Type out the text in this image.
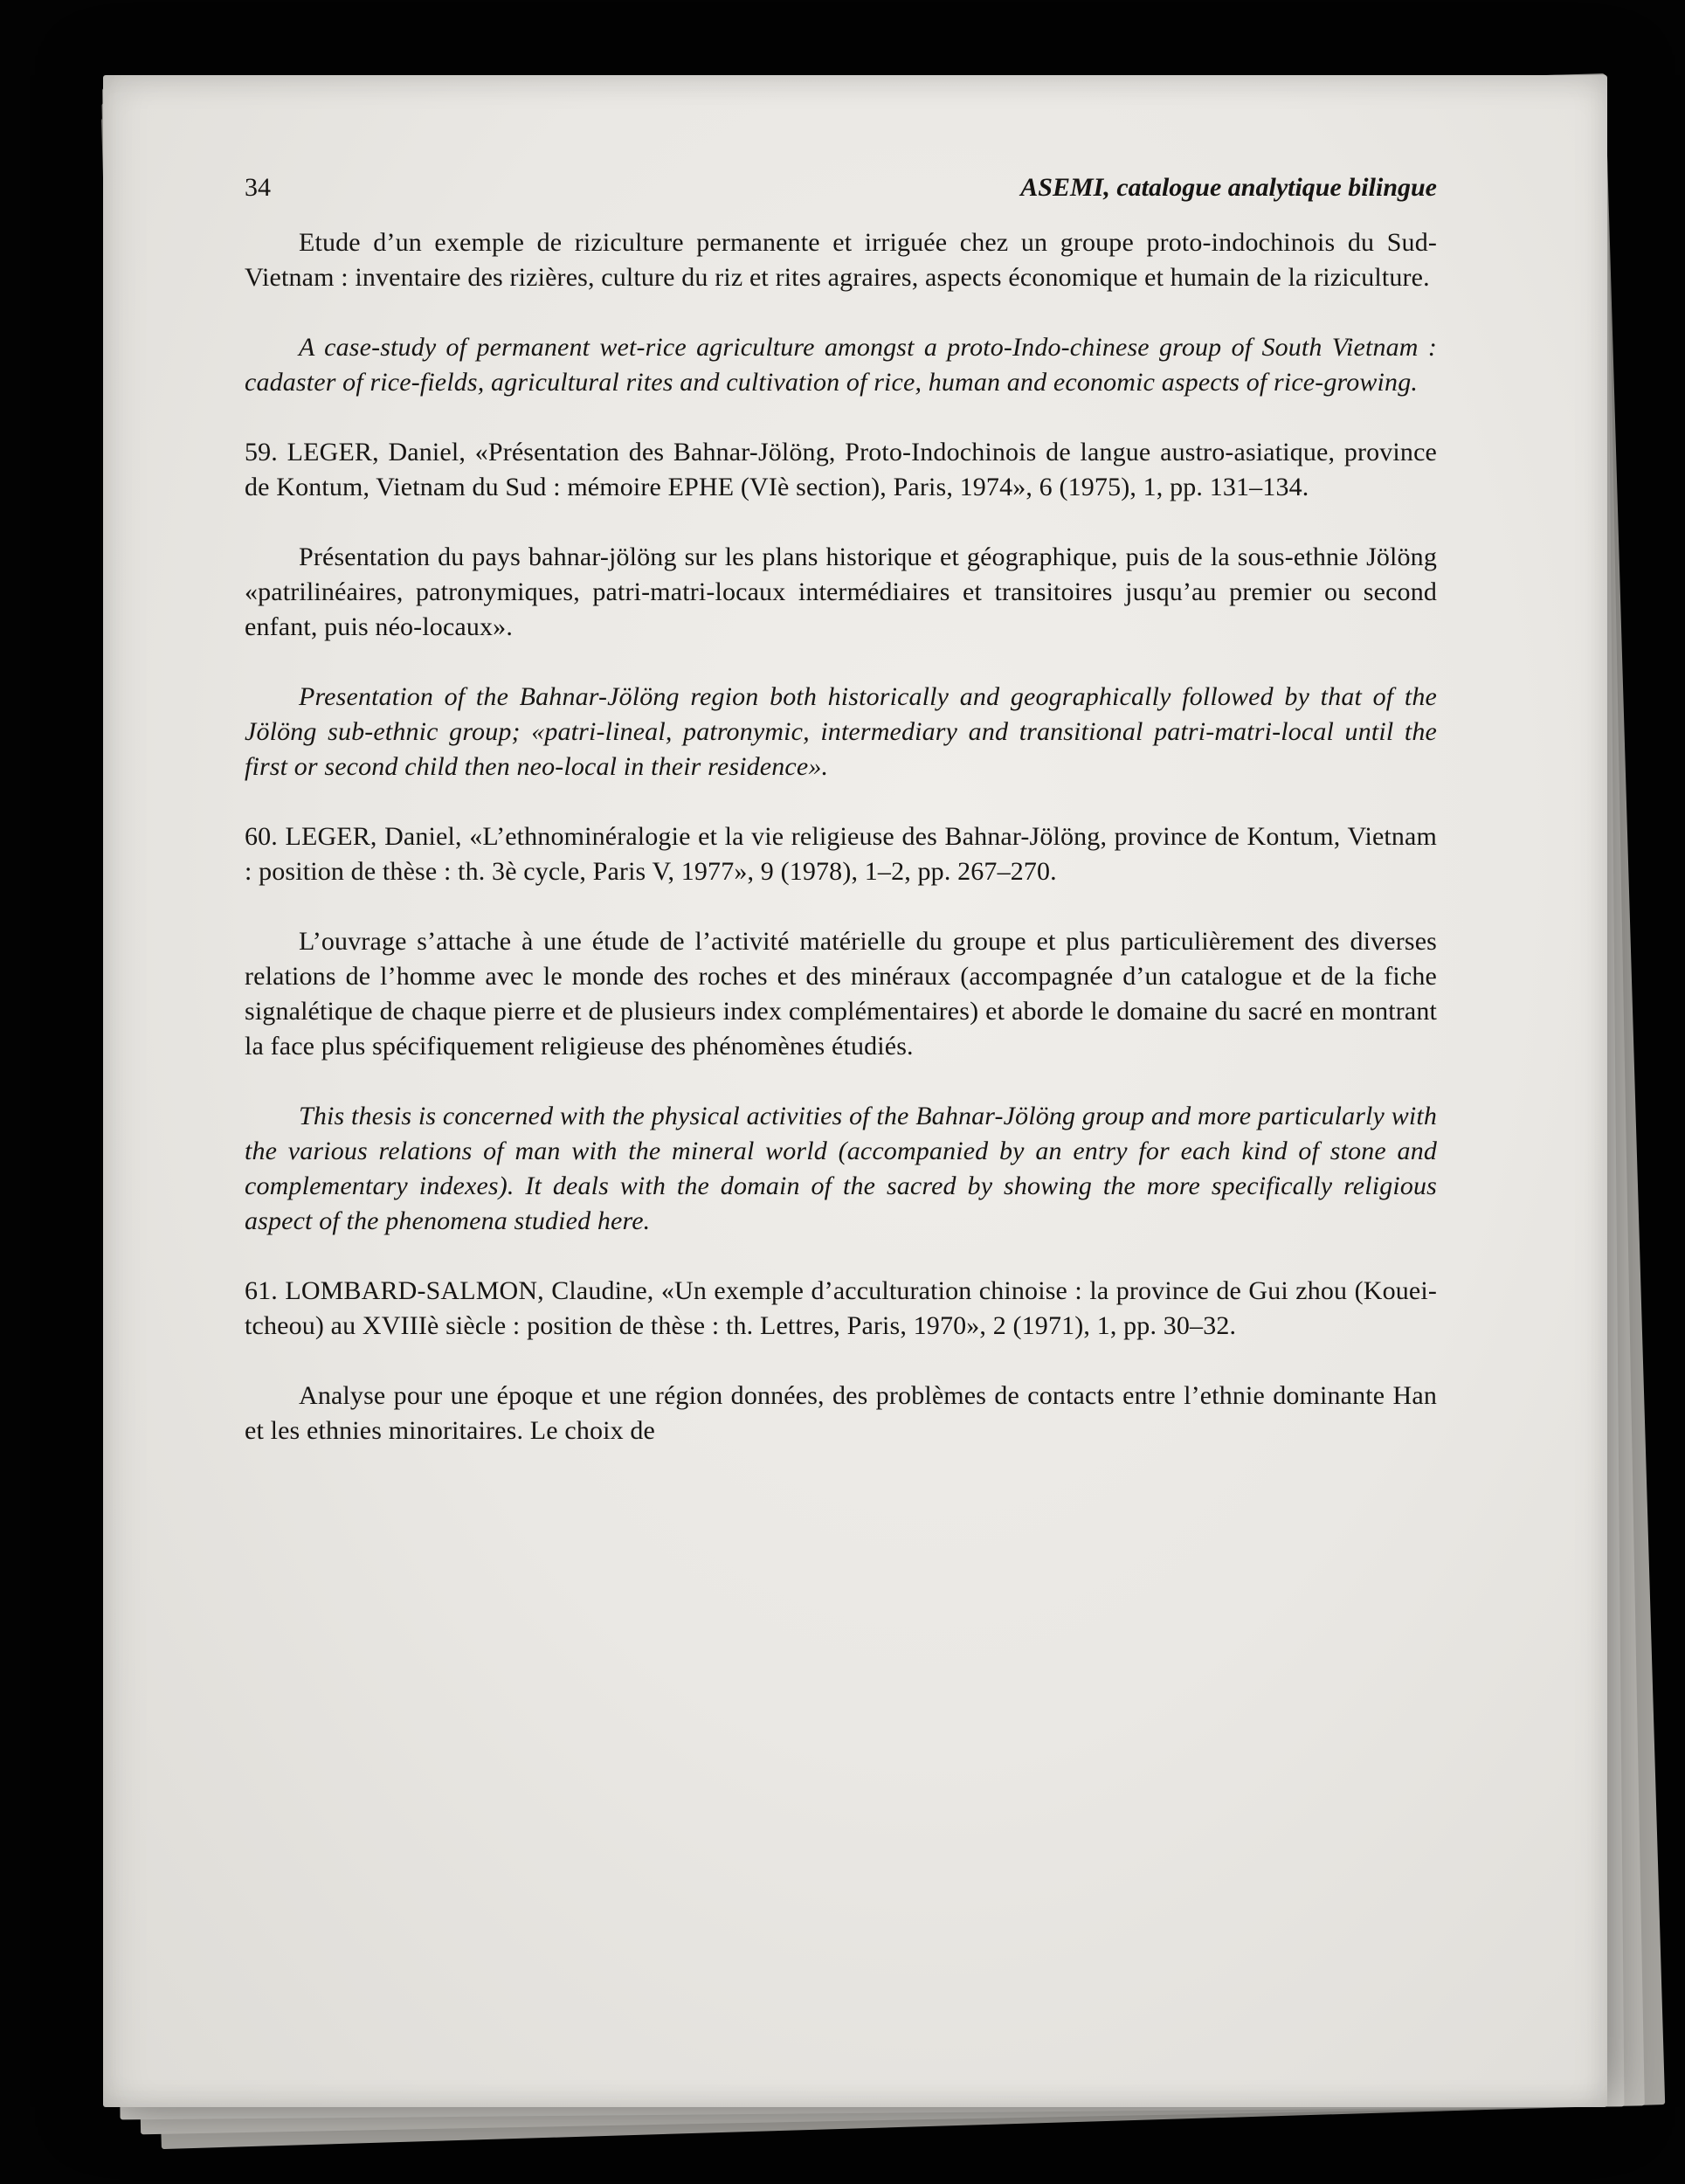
34	ASEMI, catalogue analytique bilingue

Etude d’un exemple de riziculture permanente et irriguée chez un groupe proto-indochinois du Sud-Vietnam : inventaire des rizières, culture du riz et rites agraires, aspects économique et humain de la riziculture.

A case-study of permanent wet-rice agriculture amongst a proto-Indo-chinese group of South Vietnam : cadaster of rice-fields, agricultural rites and cultivation of rice, human and economic aspects of rice-growing.

59. LEGER, Daniel, «Présentation des Bahnar-Jölöng, Proto-Indochinois de langue austro-asiatique, province de Kontum, Vietnam du Sud : mémoire EPHE (VIè section), Paris, 1974», 6 (1975), 1, pp. 131–134.

Présentation du pays bahnar-jölöng sur les plans historique et géographique, puis de la sous-ethnie Jölöng «patrilinéaires, patronymiques, patri-matri-locaux intermédiaires et transitoires jusqu’au premier ou second enfant, puis néo-locaux».

Presentation of the Bahnar-Jölöng region both historically and geographically followed by that of the Jölöng sub-ethnic group; «patri-lineal, patronymic, intermediary and transitional patri-matri-local until the first or second child then neo-local in their residence».

60. LEGER, Daniel, «L’ethnominéralogie et la vie religieuse des Bahnar-Jölöng, province de Kontum, Vietnam : position de thèse : th. 3è cycle, Paris V, 1977», 9 (1978), 1–2, pp. 267–270.

L’ouvrage s’attache à une étude de l’activité matérielle du groupe et plus particulièrement des diverses relations de l’homme avec le monde des roches et des minéraux (accompagnée d’un catalogue et de la fiche signalétique de chaque pierre et de plusieurs index complémentaires) et aborde le domaine du sacré en montrant la face plus spécifiquement religieuse des phénomènes étudiés.

This thesis is concerned with the physical activities of the Bahnar-Jölöng group and more particularly with the various relations of man with the mineral world (accompanied by an entry for each kind of stone and complementary indexes). It deals with the domain of the sacred by showing the more specifically religious aspect of the phenomena studied here.

61. LOMBARD-SALMON, Claudine, «Un exemple d’acculturation chinoise : la province de Gui zhou (Kouei-tcheou) au XVIIIè siècle : position de thèse : th. Lettres, Paris, 1970», 2 (1971), 1, pp. 30–32.

Analyse pour une époque et une région données, des problèmes de contacts entre l’ethnie dominante Han et les ethnies minoritaires. Le choix de
